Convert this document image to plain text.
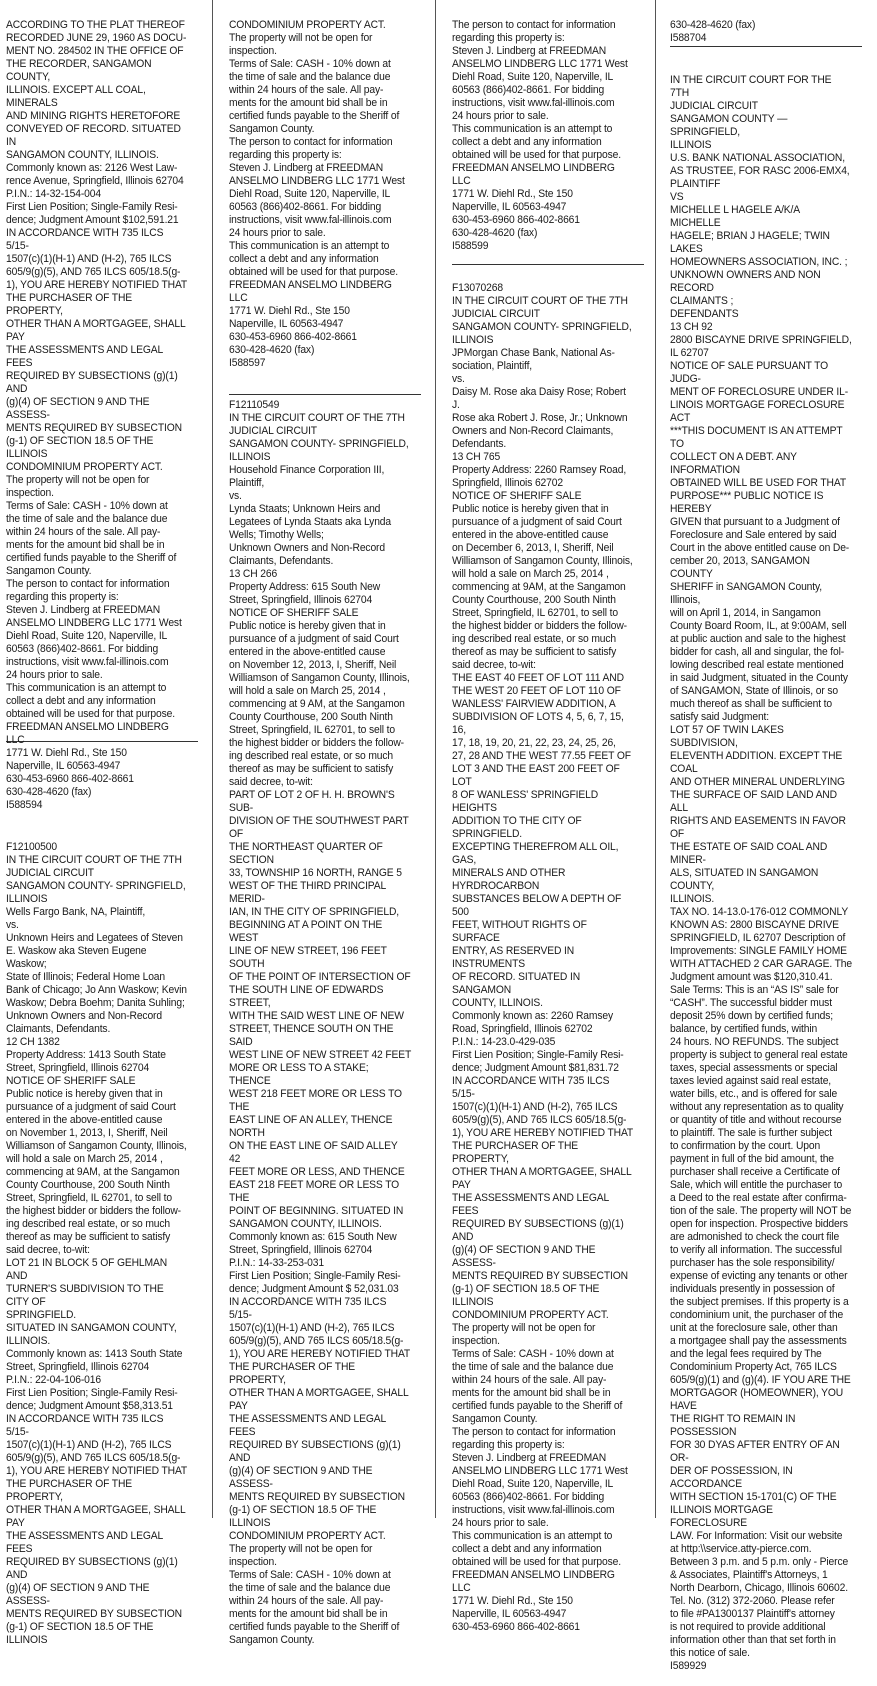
ACCORDING TO THE PLAT THEREOF
RECORDED JUNE 29, 1960 AS DOCU-
MENT NO. 284502 IN THE OFFICE OF
THE RECORDER, SANGAMON COUNTY,
ILLINOIS. EXCEPT ALL COAL, MINERALS
AND MINING RIGHTS HERETOFORE
CONVEYED OF RECORD. SITUATED IN
SANGAMON COUNTY, ILLINOIS.
Commonly known as: 2126 West Law-
rence Avenue, Springfield, Illinois 62704
P.I.N.: 14-32-154-004
First Lien Position; Single-Family Resi-
dence; Judgment Amount $102,591.21
IN ACCORDANCE WITH 735 ILCS 5/15-
1507(c)(1)(H-1) AND (H-2), 765 ILCS
605/9(g)(5), AND 765 ILCS 605/18.5(g-
1), YOU ARE HEREBY NOTIFIED THAT
THE PURCHASER OF THE PROPERTY,
OTHER THAN A MORTGAGEE, SHALL PAY
THE ASSESSMENTS AND LEGAL FEES
REQUIRED BY SUBSECTIONS (g)(1) AND
(g)(4) OF SECTION 9 AND THE ASSESS-
MENTS REQUIRED BY SUBSECTION
(g-1) OF SECTION 18.5 OF THE ILLINOIS
CONDOMINIUM PROPERTY ACT.
The property will not be open for
inspection.
Terms of Sale: CASH - 10% down at
the time of sale and the balance due
within 24 hours of the sale. All pay-
ments for the amount bid shall be in
certified funds payable to the Sheriff of
Sangamon County.
The person to contact for information
regarding this property is:
Steven J. Lindberg at FREEDMAN
ANSELMO LINDBERG LLC 1771 West
Diehl Road, Suite 120, Naperville, IL
60563 (866)402-8661. For bidding
instructions, visit www.fal-illinois.com
24 hours prior to sale.
This communication is an attempt to
collect a debt and any information
obtained will be used for that purpose.
FREEDMAN ANSELMO LINDBERG LLC
1771 W. Diehl Rd., Ste 150
Naperville, IL 60563-4947
630-453-6960 866-402-8661
630-428-4620 (fax)
I588594

F12100500
IN THE CIRCUIT COURT OF THE 7TH
JUDICIAL CIRCUIT
SANGAMON COUNTY- SPRINGFIELD,
ILLINOIS
Wells Fargo Bank, NA, Plaintiff,
vs.
Unknown Heirs and Legatees of Steven
E. Waskow aka Steven Eugene Waskow;
State of Illinois; Federal Home Loan
Bank of Chicago; Jo Ann Waskow; Kevin
Waskow; Debra Boehm; Danita Suhling;
Unknown Owners and Non-Record
Claimants, Defendants.
12 CH 1382
Property Address: 1413 South State
Street, Springfield, Illinois 62704
NOTICE OF SHERIFF SALE
Public notice is hereby given that in
pursuance of a judgment of said Court
entered in the above-entitled cause
on November 1, 2013, I, Sheriff, Neil
Williamson of Sangamon County, Illinois,
will hold a sale on March 25, 2014 ,
commencing at 9AM, at the Sangamon
County Courthouse, 200 South Ninth
Street, Springfield, IL 62701, to sell to
the highest bidder or bidders the follow-
ing described real estate, or so much
thereof as may be sufficient to satisfy
said decree, to-wit:
LOT 21 IN BLOCK 5 OF GEHLMAN AND
TURNER'S SUBDIVISION TO THE CITY OF
SPRINGFIELD.
SITUATED IN SANGAMON COUNTY,
ILLINOIS.
Commonly known as: 1413 South State
Street, Springfield, Illinois 62704
P.I.N.: 22-04-106-016
First Lien Position; Single-Family Resi-
dence; Judgment Amount $58,313.51
IN ACCORDANCE WITH 735 ILCS 5/15-
1507(c)(1)(H-1) AND (H-2), 765 ILCS
605/9(g)(5), AND 765 ILCS 605/18.5(g-
1), YOU ARE HEREBY NOTIFIED THAT
THE PURCHASER OF THE PROPERTY,
OTHER THAN A MORTGAGEE, SHALL PAY
THE ASSESSMENTS AND LEGAL FEES
REQUIRED BY SUBSECTIONS (g)(1) AND
(g)(4) OF SECTION 9 AND THE ASSESS-
MENTS REQUIRED BY SUBSECTION
(g-1) OF SECTION 18.5 OF THE ILLINOIS

CONDOMINIUM PROPERTY ACT.
The property will not be open for
inspection.
Terms of Sale: CASH - 10% down at
the time of sale and the balance due
within 24 hours of the sale. All pay-
ments for the amount bid shall be in
certified funds payable to the Sheriff of
Sangamon County.
The person to contact for information
regarding this property is:
Steven J. Lindberg at FREEDMAN
ANSELMO LINDBERG LLC 1771 West
Diehl Road, Suite 120, Naperville, IL
60563 (866)402-8661. For bidding
instructions, visit www.fal-illinois.com
24 hours prior to sale.
This communication is an attempt to
collect a debt and any information
obtained will be used for that purpose.
FREEDMAN ANSELMO LINDBERG LLC
1771 W. Diehl Rd., Ste 150
Naperville, IL 60563-4947
630-453-6960 866-402-8661
630-428-4620 (fax)
I588597

F12110549
IN THE CIRCUIT COURT OF THE 7TH
JUDICIAL CIRCUIT
SANGAMON COUNTY- SPRINGFIELD,
ILLINOIS
Household Finance Corporation III,
Plaintiff,
vs.
Lynda Staats; Unknown Heirs and
Legatees of Lynda Staats aka Lynda
Wells; Timothy Wells;
Unknown Owners and Non-Record
Claimants, Defendants.
13 CH 266
Property Address: 615 South New
Street, Springfield, Illinois 62704
NOTICE OF SHERIFF SALE
Public notice is hereby given that in
pursuance of a judgment of said Court
entered in the above-entitled cause
on November 12, 2013, I, Sheriff, Neil
Williamson of Sangamon County, Illinois,
will hold a sale on March 25, 2014 ,
commencing at 9 AM, at the Sangamon
County Courthouse, 200 South Ninth
Street, Springfield, IL 62701, to sell to
the highest bidder or bidders the follow-
ing described real estate, or so much
thereof as may be sufficient to satisfy
said decree, to-wit:
PART OF LOT 2 OF H. H. BROWN'S SUB-
DIVISION OF THE SOUTHWEST PART OF
THE NORTHEAST QUARTER OF SECTION
33, TOWNSHIP 16 NORTH, RANGE 5
WEST OF THE THIRD PRINCIPAL MERID-
IAN, IN THE CITY OF SPRINGFIELD,
BEGINNING AT A POINT ON THE WEST
LINE OF NEW STREET, 196 FEET SOUTH
OF THE POINT OF INTERSECTION OF
THE SOUTH LINE OF EDWARDS STREET,
WITH THE SAID WEST LINE OF NEW
STREET, THENCE SOUTH ON THE SAID
WEST LINE OF NEW STREET 42 FEET
MORE OR LESS TO A STAKE; THENCE
WEST 218 FEET MORE OR LESS TO THE
EAST LINE OF AN ALLEY, THENCE NORTH
ON THE EAST LINE OF SAID ALLEY 42
FEET MORE OR LESS, AND THENCE
EAST 218 FEET MORE OR LESS TO THE
POINT OF BEGINNING. SITUATED IN
SANGAMON COUNTY, ILLINOIS.
Commonly known as: 615 South New
Street, Springfield, Illinois 62704
P.I.N.: 14-33-253-031
First Lien Position; Single-Family Resi-
dence; Judgment Amount $ 52,031.03
IN ACCORDANCE WITH 735 ILCS 5/15-
1507(c)(1)(H-1) AND (H-2), 765 ILCS
605/9(g)(5), AND 765 ILCS 605/18.5(g-
1), YOU ARE HEREBY NOTIFIED THAT
THE PURCHASER OF THE PROPERTY,
OTHER THAN A MORTGAGEE, SHALL PAY
THE ASSESSMENTS AND LEGAL FEES
REQUIRED BY SUBSECTIONS (g)(1) AND
(g)(4) OF SECTION 9 AND THE ASSESS-
MENTS REQUIRED BY SUBSECTION
(g-1) OF SECTION 18.5 OF THE ILLINOIS
CONDOMINIUM PROPERTY ACT.
The property will not be open for
inspection.
Terms of Sale: CASH - 10% down at
the time of sale and the balance due
within 24 hours of the sale. All pay-
ments for the amount bid shall be in
certified funds payable to the Sheriff of
Sangamon County.

The person to contact for information
regarding this property is:
Steven J. Lindberg at FREEDMAN
ANSELMO LINDBERG LLC 1771 West
Diehl Road, Suite 120, Naperville, IL
60563 (866)402-8661. For bidding
instructions, visit www.fal-illinois.com
24 hours prior to sale.
This communication is an attempt to
collect a debt and any information
obtained will be used for that purpose.
FREEDMAN ANSELMO LINDBERG LLC
1771 W. Diehl Rd., Ste 150
Naperville, IL 60563-4947
630-453-6960 866-402-8661
630-428-4620 (fax)
I588599

F13070268
IN THE CIRCUIT COURT OF THE 7TH
JUDICIAL CIRCUIT
SANGAMON COUNTY- SPRINGFIELD,
ILLINOIS
JPMorgan Chase Bank, National As-
sociation, Plaintiff,
vs.
Daisy M. Rose aka Daisy Rose; Robert J.
Rose aka Robert J. Rose, Jr.; Unknown
Owners and Non-Record Claimants,
Defendants.
13 CH 765
Property Address: 2260 Ramsey Road,
Springfield, Illinois 62702
NOTICE OF SHERIFF SALE
Public notice is hereby given that in
pursuance of a judgment of said Court
entered in the above-entitled cause
on December 6, 2013, I, Sheriff, Neil
Williamson of Sangamon County, Illinois,
will hold a sale on March 25, 2014 ,
commencing at 9AM, at the Sangamon
County Courthouse, 200 South Ninth
Street, Springfield, IL 62701, to sell to
the highest bidder or bidders the follow-
ing described real estate, or so much
thereof as may be sufficient to satisfy
said decree, to-wit:
THE EAST 40 FEET OF LOT 111 AND
THE WEST 20 FEET OF LOT 110 OF
WANLESS' FAIRVIEW ADDITION, A
SUBDIVISION OF LOTS 4, 5, 6, 7, 15, 16,
17, 18, 19, 20, 21, 22, 23, 24, 25, 26,
27, 28 AND THE WEST 77.55 FEET OF
LOT 3 AND THE EAST 200 FEET OF LOT
8 OF WANLESS' SPRINGFIELD HEIGHTS
ADDITION TO THE CITY OF SPRINGFIELD.
EXCEPTING THEREFROM ALL OIL, GAS,
MINERALS AND OTHER HYRDROCARBON
SUBSTANCES BELOW A DEPTH OF 500
FEET, WITHOUT RIGHTS OF SURFACE
ENTRY, AS RESERVED IN INSTRUMENTS
OF RECORD. SITUATED IN SANGAMON
COUNTY, ILLINOIS.
Commonly known as: 2260 Ramsey
Road, Springfield, Illinois 62702
P.I.N.: 14-23.0-429-035
First Lien Position; Single-Family Resi-
dence; Judgment Amount $81,831.72
IN ACCORDANCE WITH 735 ILCS 5/15-
1507(c)(1)(H-1) AND (H-2), 765 ILCS
605/9(g)(5), AND 765 ILCS 605/18.5(g-
1), YOU ARE HEREBY NOTIFIED THAT
THE PURCHASER OF THE PROPERTY,
OTHER THAN A MORTGAGEE, SHALL PAY
THE ASSESSMENTS AND LEGAL FEES
REQUIRED BY SUBSECTIONS (g)(1) AND
(g)(4) OF SECTION 9 AND THE ASSESS-
MENTS REQUIRED BY SUBSECTION
(g-1) OF SECTION 18.5 OF THE ILLINOIS
CONDOMINIUM PROPERTY ACT.
The property will not be open for
inspection.
Terms of Sale: CASH - 10% down at
the time of sale and the balance due
within 24 hours of the sale. All pay-
ments for the amount bid shall be in
certified funds payable to the Sheriff of
Sangamon County.
The person to contact for information
regarding this property is:
Steven J. Lindberg at FREEDMAN
ANSELMO LINDBERG LLC 1771 West
Diehl Road, Suite 120, Naperville, IL
60563 (866)402-8661. For bidding
instructions, visit www.fal-illinois.com
24 hours prior to sale.
This communication is an attempt to
collect a debt and any information
obtained will be used for that purpose.
FREEDMAN ANSELMO LINDBERG LLC
1771 W. Diehl Rd., Ste 150
Naperville, IL 60563-4947
630-453-6960 866-402-8661

630-428-4620 (fax)
I588704

IN THE CIRCUIT COURT FOR THE 7TH
JUDICIAL CIRCUIT
SANGAMON COUNTY — SPRINGFIELD,
ILLINOIS
U.S. BANK NATIONAL ASSOCIATION,
AS TRUSTEE, FOR RASC 2006-EMX4,
PLAINTIFF
VS
MICHELLE L HAGELE A/K/A MICHELLE
HAGELE; BRIAN J HAGELE; TWIN LAKES
HOMEOWNERS ASSOCIATION, INC. ;
UNKNOWN OWNERS AND NON RECORD
CLAIMANTS ;
DEFENDANTS
13 CH 92
2800 BISCAYNE DRIVE SPRINGFIELD,
IL 62707
NOTICE OF SALE PURSUANT TO JUDG-
MENT OF FORECLOSURE UNDER IL-
LINOIS MORTGAGE FORECLOSURE ACT
***THIS DOCUMENT IS AN ATTEMPT TO
COLLECT ON A DEBT. ANY INFORMATION
OBTAINED WILL BE USED FOR THAT
PURPOSE*** PUBLIC NOTICE IS HEREBY
GIVEN that pursuant to a Judgment of
Foreclosure and Sale entered by said
Court in the above entitled cause on De-
cember 20, 2013, SANGAMON COUNTY
SHERIFF in SANGAMON County, Illinois,
will on April 1, 2014, in Sangamon
County Board Room, IL, at 9:00AM, sell
at public auction and sale to the highest
bidder for cash, all and singular, the fol-
lowing described real estate mentioned
in said Judgment, situated in the County
of SANGAMON, State of Illinois, or so
much thereof as shall be sufficient to
satisfy said Judgment:
LOT 57 OF TWIN LAKES SUBDIVISION,
ELEVENTH ADDITION. EXCEPT THE COAL
AND OTHER MINERAL UNDERLYING
THE SURFACE OF SAID LAND AND ALL
RIGHTS AND EASEMENTS IN FAVOR OF
THE ESTATE OF SAID COAL AND MINER-
ALS, SITUATED IN SANGAMON COUNTY,
ILLINOIS.
TAX NO. 14-13.0-176-012 COMMONLY
KNOWN AS: 2800 BISCAYNE DRIVE
SPRINGFIELD, IL 62707 Description of
Improvements: SINGLE FAMILY HOME
WITH ATTACHED 2 CAR GARAGE. The
Judgment amount was $120,310.41.
Sale Terms: This is an “AS IS” sale for
“CASH”. The successful bidder must
deposit 25% down by certified funds;
balance, by certified funds, within
24 hours. NO REFUNDS. The subject
property is subject to general real estate
taxes, special assessments or special
taxes levied against said real estate,
water bills, etc., and is offered for sale
without any representation as to quality
or quantity of title and without recourse
to plaintiff. The sale is further subject
to confirmation by the court. Upon
payment in full of the bid amount, the
purchaser shall receive a Certificate of
Sale, which will entitle the purchaser to
a Deed to the real estate after confirma-
tion of the sale. The property will NOT be
open for inspection. Prospective bidders
are admonished to check the court file
to verify all information. The successful
purchaser has the sole responsibility/
expense of evicting any tenants or other
individuals presently in possession of
the subject premises. If this property is a
condominium unit, the purchaser of the
unit at the foreclosure sale, other than
a mortgagee shall pay the assessments
and the legal fees required by The
Condominium Property Act, 765 ILCS
605/9(g)(1) and (g)(4). IF YOU ARE THE
MORTGAGOR (HOMEOWNER), YOU HAVE
THE RIGHT TO REMAIN IN POSSESSION
FOR 30 DYAS AFTER ENTRY OF AN OR-
DER OF POSSESSION, IN ACCORDANCE
WITH SECTION 15-1701(C) OF THE
ILLINOIS MORTGAGE FORECLOSURE
LAW. For Information: Visit our website
at http:\\service.atty-pierce.com.
Between 3 p.m. and 5 p.m. only - Pierce
& Associates, Plaintiff's Attorneys, 1
North Dearborn, Chicago, Illinois 60602.
Tel. No. (312) 372-2060. Please refer
to file #PA1300137 Plaintiff's attorney
is not required to provide additional
information other than that set forth in
this notice of sale.
I589929
